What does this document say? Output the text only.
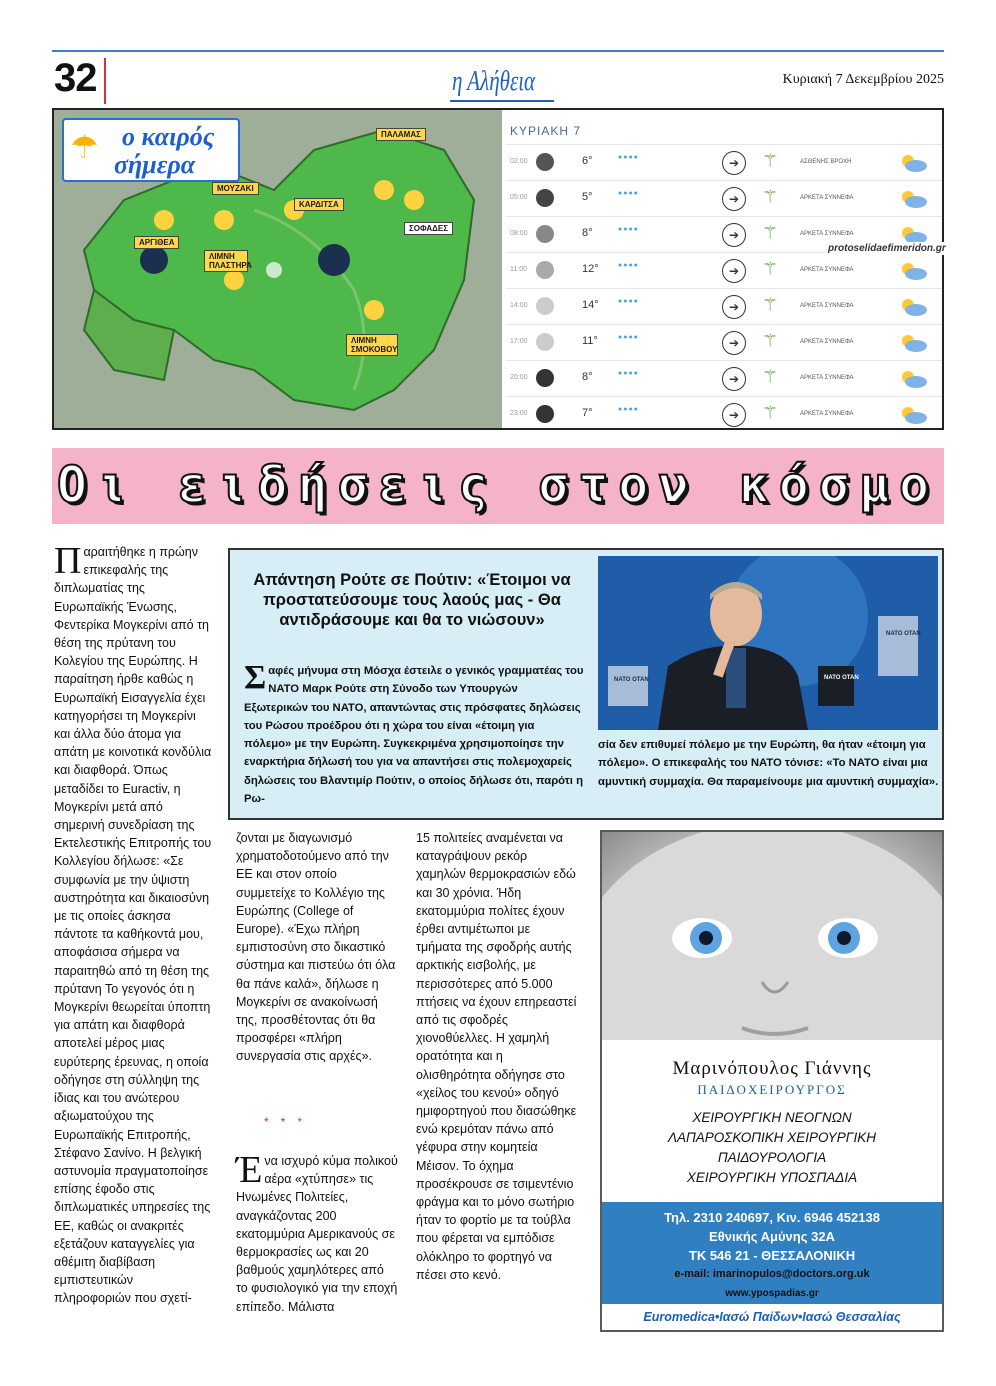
32	η Αλήθεια	Κυριακή 7 Δεκεμβρίου 2025
☂ ο καιρός
σήμερα
ΠΑΛΑΜΑΣ
ΜΟΥΖΑΚΙ
ΚΑΡΔΙΤΣΑ
ΣΟΦΑΔΕΣ
ΑΡΓΙΘΕΑ
ΛΙΜΝΗ ΠΛΑΣΤΗΡΑ
ΛΙΜΝΗ ΣΜΟΚΟΒΟΥ
ΚΥΡΙΑΚΗ 7
02:00	6°	●●●●	➔	⚚	ΑΣΘΕΝΗΣ ΒΡΟΧΗ
05:00	5°	●●●●	➔	⚚	ΑΡΚΕΤΑ ΣΥΝΝΕΦΑ
08:00	8°	●●●●	➔	⚚	ΑΡΚΕΤΑ ΣΥΝΝΕΦΑ
11:00	12°	●●●●	➔	⚚	ΑΡΚΕΤΑ ΣΥΝΝΕΦΑ
14:00	14°	●●●●	➔	⚚	ΑΡΚΕΤΑ ΣΥΝΝΕΦΑ
17:00	11°	●●●●	➔	⚚	ΑΡΚΕΤΑ ΣΥΝΝΕΦΑ
20:00	8°	●●●●	➔	⚚	ΑΡΚΕΤΑ ΣΥΝΝΕΦΑ
23:00	7°	●●●●	➔	⚚	ΑΡΚΕΤΑ ΣΥΝΝΕΦΑ
protoselidaefimeridon.gr
Οι ειδήσεις στον κόσμο
Π αραιτήθηκε η πρώην επικεφαλής της διπλωματίας της Ευρωπαϊκής Ένωσης, Φεντερίκα Μογκερίνι από τη θέση της πρύτανη του Κολεγίου της Ευρώπης. Η παραίτηση ήρθε καθώς η Ευρωπαϊκή Εισαγγελία έχει κατηγορήσει τη Μογκερίνι και άλλα δύο άτομα για απάτη με κοινοτικά κονδύλια και διαφθορά. Όπως μεταδίδει το Euractiv, η Μογκερίνι μετά από σημερινή συνεδρίαση της Εκτελεστικής Επιτροπής του Κολλεγίου δήλωσε: «Σε συμφωνία με την ύψιστη αυστηρότητα και δικαιοσύνη με τις οποίες άσκησα πάντοτε τα καθήκοντά μου, αποφάσισα σήμερα να παραιτηθώ από τη θέση της πρύτανη Το γεγονός ότι η Μογκερίνι θεωρείται ύποπτη για απάτη και διαφθορά αποτελεί μέρος μιας ευρύτερης έρευνας, η οποία οδήγησε στη σύλληψη της ίδιας και του ανώτερου αξιωματούχου της Ευρωπαϊκής Επιτροπής, Στέφανο Σανίνο. Η βελγική αστυνομία πραγματοποίησε επίσης έφοδο στις διπλωματικές υπηρεσίες της ΕΕ, καθώς οι ανακριτές εξετάζουν καταγγελίες για αθέμιτη διαβίβαση εμπιστευτικών πληροφοριών που σχετί-
Απάντηση Ρούτε σε Πούτιν: «Έτοιμοι να προστατεύσουμε τους λαούς μας - Θα αντιδράσουμε και θα το νιώσουν»
Σ αφές μήνυμα στη Μόσχα έστειλε ο γενικός γραμματέας του ΝΑΤΟ Μαρκ Ρούτε στη Σύνοδο των Υπουργών Εξωτερικών του ΝΑΤΟ, απαντώντας στις πρόσφατες δηλώσεις του Ρώσου προέδρου ότι η χώρα του είναι «έτοιμη για πόλεμο» με την Ευρώπη. Συγκεκριμένα χρησιμοποίησε την εναρκτήρια δήλωσή του για να απαντήσει στις πολεμοχαρείς δηλώσεις του Βλαντιμίρ Πούτιν, ο οποίος δήλωσε ότι, παρότι η Ρω-
NATO OTAN	NATO OTAN
NATO OTAN
σία δεν επιθυμεί πόλεμο με την Ευρώπη, θα ήταν «έτοιμη για πόλεμο». Ο επικεφαλής του ΝΑΤΟ τόνισε: «Το ΝΑΤΟ είναι μια αμυντική συμμαχία. Θα παραμείνουμε μια αμυντική συμμαχία».
ζονται με διαγωνισμό χρηματοδοτούμενο από την ΕΕ και στον οποίο συμμετείχε το Κολλέγιο της Ευρώπης (College of Europe). «Έχω πλήρη εμπιστοσύνη στο δικαστικό σύστημα και πιστεύω ότι όλα θα πάνε καλά», δήλωσε η Μογκερίνι σε ανακοίνωσή της, προσθέτοντας ότι θα προσφέρει «πλήρη συνεργασία στις αρχές».
***
Έ να ισχυρό κύμα πολικού αέρα «χτύπησε» τις Ηνωμένες Πολιτείες, αναγκάζοντας 200 εκατομμύρια Αμερικανούς σε θερμοκρασίες ως και 20 βαθμούς χαμηλότερες από το φυσιολογικό για την εποχή επίπεδο. Μάλιστα
15 πολιτείες αναμένεται να καταγράψουν ρεκόρ χαμηλών θερμοκρασιών εδώ και 30 χρόνια. Ήδη εκατομμύρια πολίτες έχουν έρθει αντιμέτωποι με τμήματα της σφοδρής αυτής αρκτικής εισβολής, με περισσότερες από 5.000 πτήσεις να έχουν επηρεαστεί από τις σφοδρές χιονοθύελλες. Η χαμηλή ορατότητα και η ολισθηρότητα οδήγησε στο «χείλος του κενού» οδηγό ημιφορτηγού που διασώθηκε ενώ κρεμόταν πάνω από γέφυρα στην κομητεία Μέισον. Το όχημα προσέκρουσε σε τσιμεντένιο φράγμα και το μόνο σωτήριο ήταν το φορτίο με τα τούβλα που φέρεται να εμπόδισε ολόκληρο το φορτηγό να πέσει στο κενό.
Μαρινόπουλος Γιάννης
ΠΑΙΔΟΧΕΙΡΟΥΡΓΟΣ
ΧΕΙΡΟΥΡΓΙΚΗ ΝΕΟΓΝΩΝ
ΛΑΠΑΡΟΣΚΟΠΙΚΗ ΧΕΙΡΟΥΡΓΙΚΗ
ΠΑΙΔΟΥΡΟΛΟΓΙΑ
ΧΕΙΡΟΥΡΓΙΚΗ ΥΠΟΣΠΑΔΙΑ
Τηλ. 2310 240697, Κιν. 6946 452138
Εθνικής Αμύνης 32Α
ΤΚ 546 21 - ΘΕΣΣΑΛΟΝΙΚΗ
e-mail: imarinopulos@doctors.org.uk
www.ypospadias.gr
Euromedica•Ιασώ Παίδων•Ιασώ Θεσσαλίας
